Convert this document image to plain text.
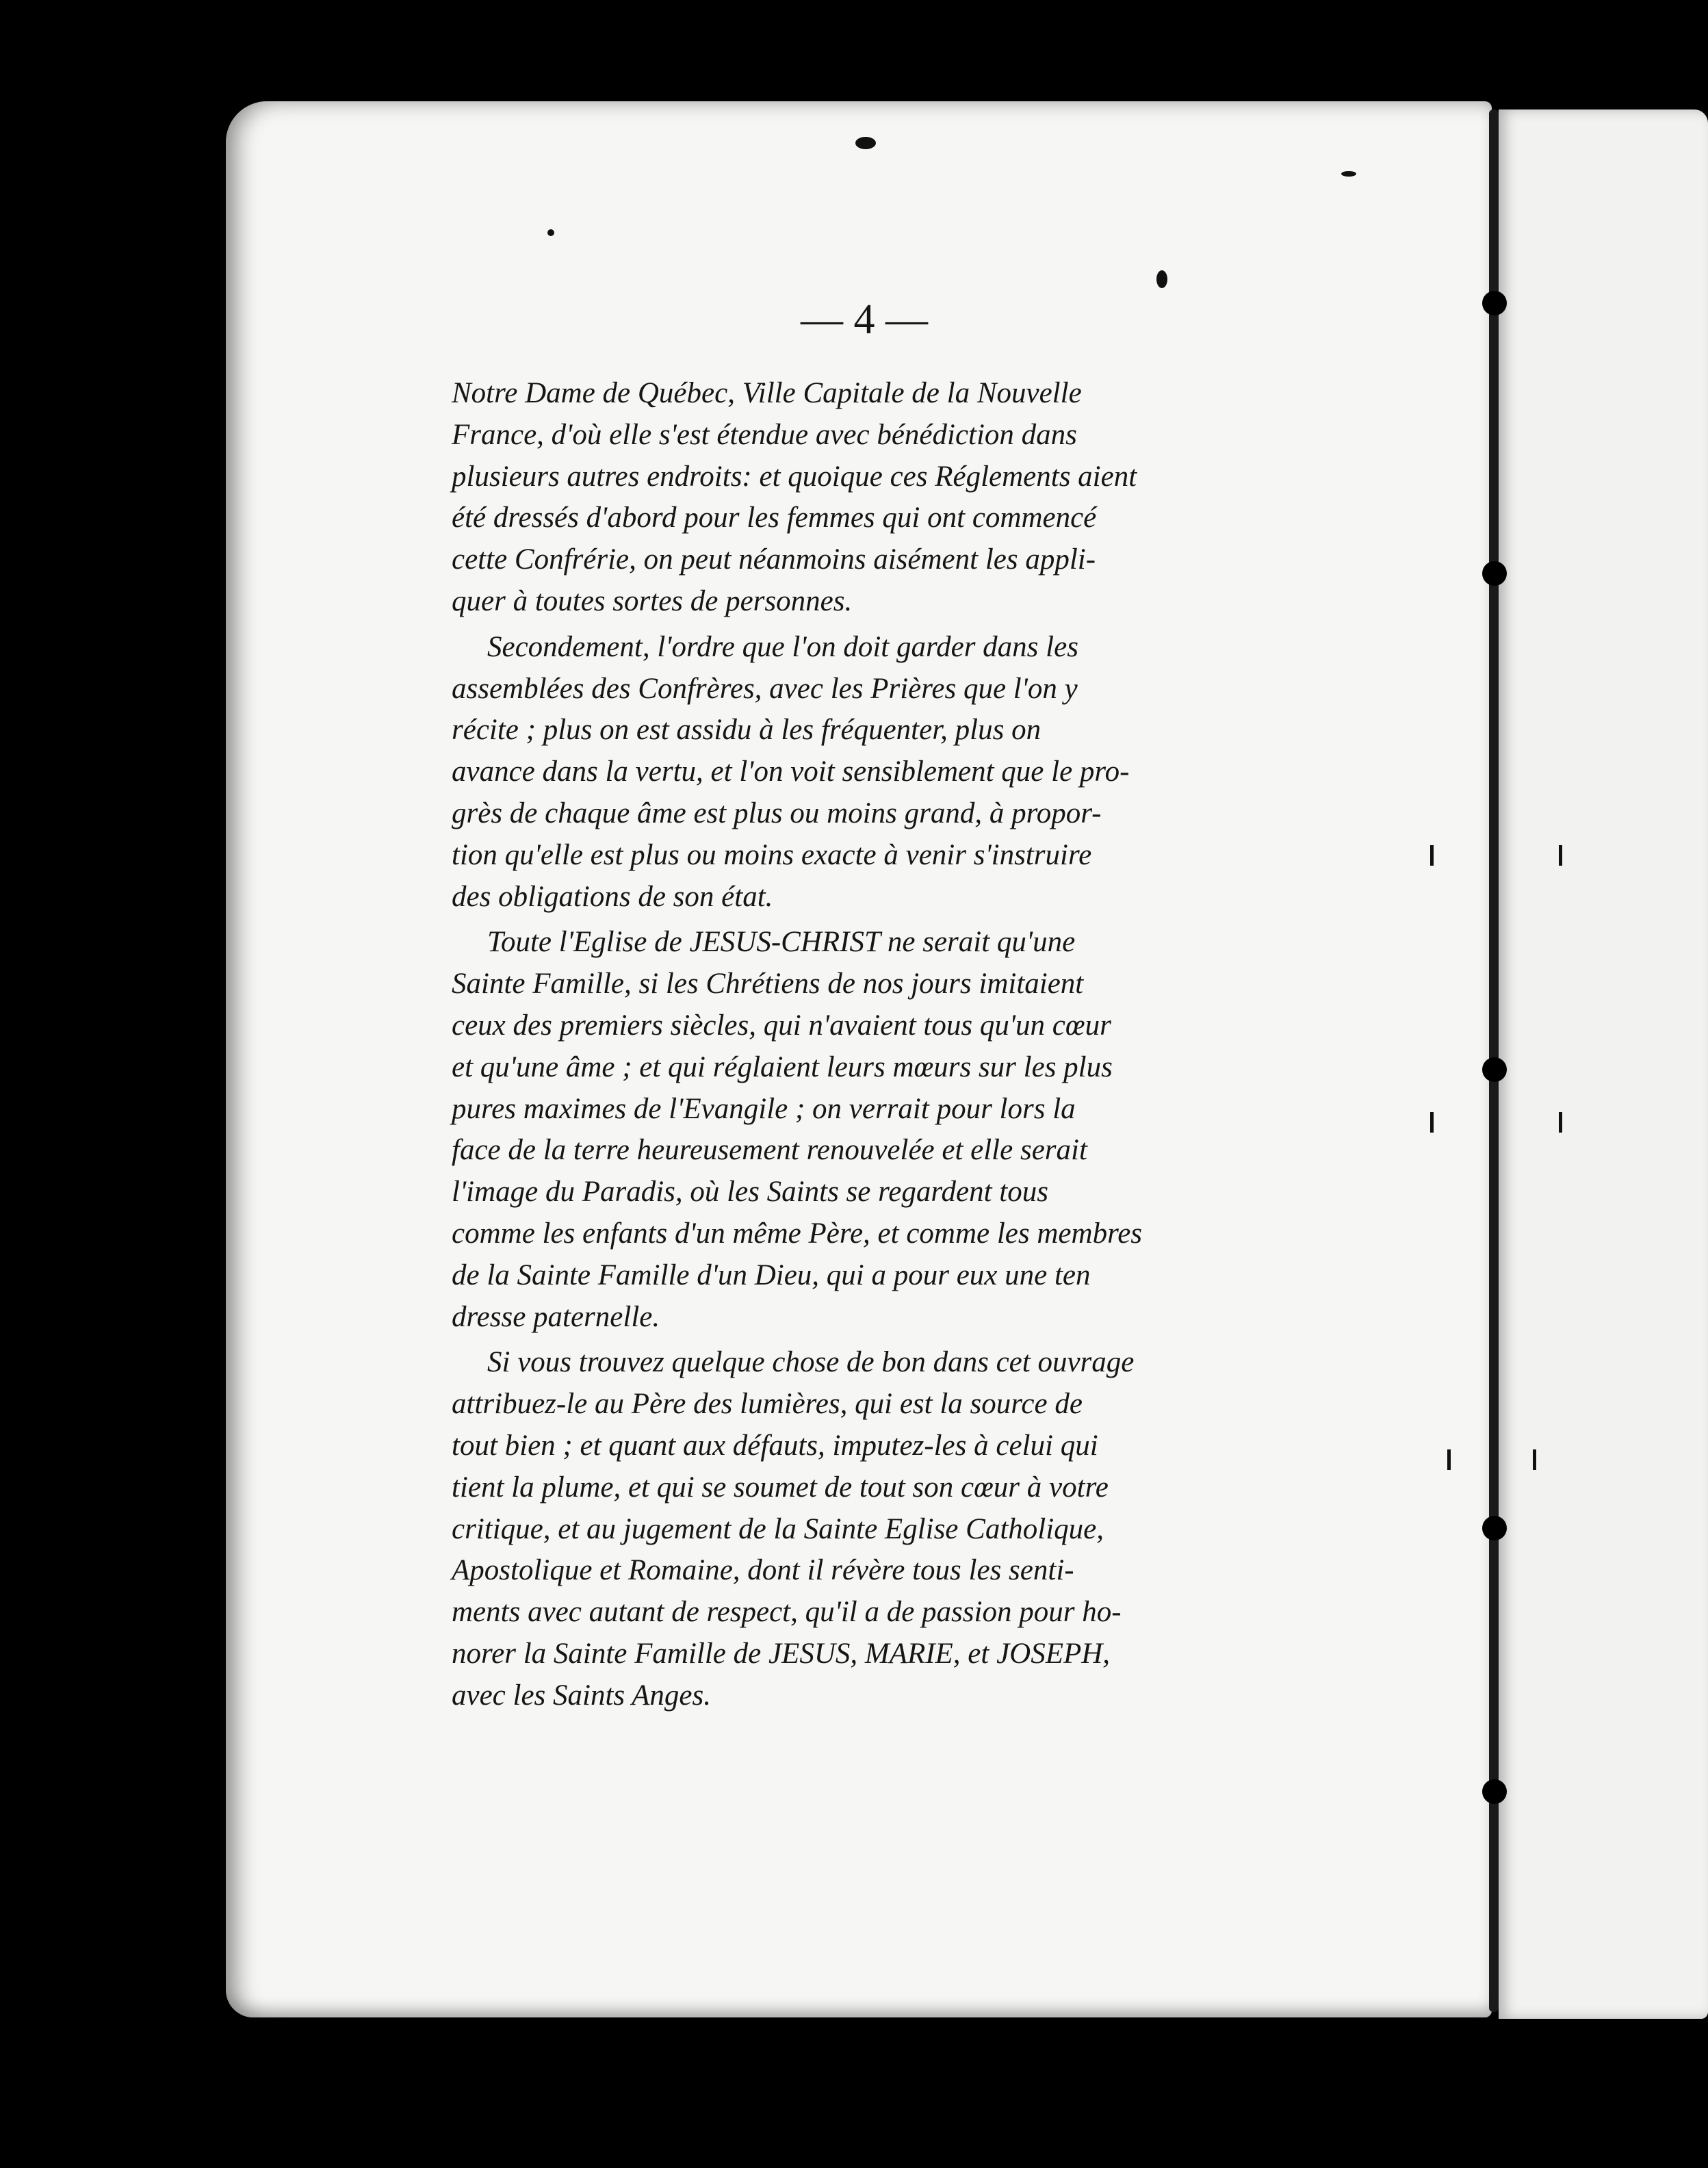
— 4 —

Notre Dame de Québec, Ville Capitale de la Nouvelle
France, d'où elle s'est étendue avec bénédiction dans
plusieurs autres endroits: et quoique ces Réglements aient
été dressés d'abord pour les femmes qui ont commencé
cette Confrérie, on peut néanmoins aisément les appli-
quer à toutes sortes de personnes.

Secondement, l'ordre que l'on doit garder dans les
assemblées des Confrères, avec les Prières que l'on y
récite ; plus on est assidu à les fréquenter, plus on
avance dans la vertu, et l'on voit sensiblement que le pro-
grès de chaque âme est plus ou moins grand, à propor-
tion qu'elle est plus ou moins exacte à venir s'instruire
des obligations de son état.

Toute l'Eglise de JESUS-CHRIST ne serait qu'une
Sainte Famille, si les Chrétiens de nos jours imitaient
ceux des premiers siècles, qui n'avaient tous qu'un cœur
et qu'une âme ; et qui réglaient leurs mœurs sur les plus
pures maximes de l'Evangile ; on verrait pour lors la
face de la terre heureusement renouvelée et elle serait
l'image du Paradis, où les Saints se regardent tous
comme les enfants d'un même Père, et comme les membres
de la Sainte Famille d'un Dieu, qui a pour eux une ten
dresse paternelle.

Si vous trouvez quelque chose de bon dans cet ouvrage
attribuez-le au Père des lumières, qui est la source de
tout bien ; et quant aux défauts, imputez-les à celui qui
tient la plume, et qui se soumet de tout son cœur à votre
critique, et au jugement de la Sainte Eglise Catholique,
Apostolique et Romaine, dont il révère tous les senti-
ments avec autant de respect, qu'il a de passion pour ho-
norer la Sainte Famille de JESUS, MARIE, et JOSEPH,
avec les Saints Anges.
